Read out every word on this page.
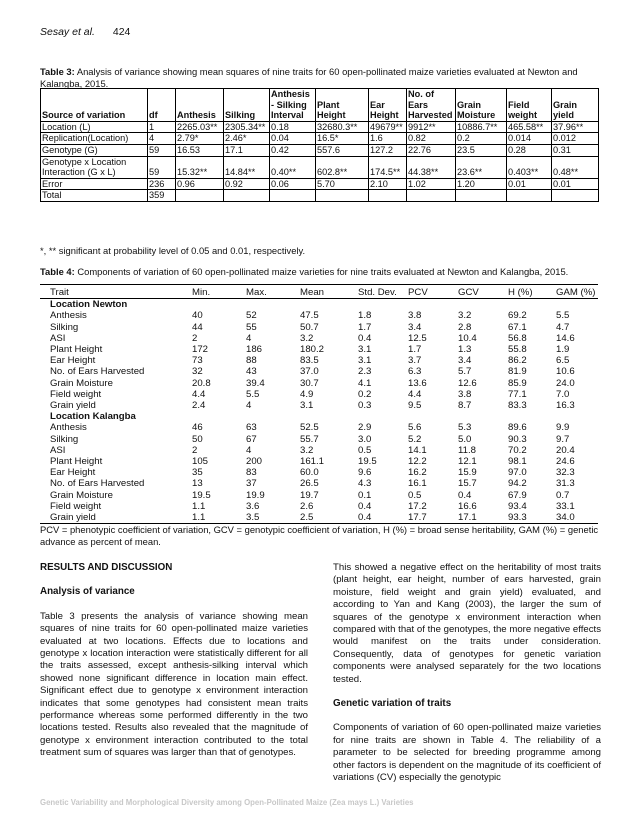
Sesay et al. 424
Table 3: Analysis of variance showing mean squares of nine traits for 60 open-pollinated maize varieties evaluated at Newton and Kalangba, 2015.
Source of variation	df	Anthesis	Silking	Anthesis - Silking Interval	Plant Height	Ear Height	No. of Ears Harvested	Grain Moisture	Field weight	Grain yield
Location (L)	1	2265.03**	2305.34**	0.18	32680.3**	49679**	9912**	10886.7**	465.58**	37.96**
Replication(Location)	4	2.79*	2.46*	0.04	16.5*	1.6	0.82	0.2	0.014	0.012
Genotype (G)	59	16.53	17.1	0.42	557.6	127.2	22.76	23.5	0.28	0.31
Genotype x Location Interaction (G x L)	59	15.32**	14.84**	0.40**	602.8**	174.5**	44.38**	23.6**	0.403**	0.48**
Error	236	0.96	0.92	0.06	5.70	2.10	1.02	1.20	0.01	0.01
Total	359									
*, ** significant at probability level of 0.05 and 0.01, respectively.
Table 4: Components of variation of 60 open-pollinated maize varieties for nine traits evaluated at Newton and Kalangba, 2015.
Trait	Min.	Max.	Mean	Std. Dev.	PCV	GCV	H (%)	GAM (%)
Location Newton								
Anthesis	40	52	47.5	1.8	3.8	3.2	69.2	5.5
Silking	44	55	50.7	1.7	3.4	2.8	67.1	4.7
ASI	2	4	3.2	0.4	12.5	10.4	56.8	14.6
Plant Height	172	186	180.2	3.1	1.7	1.3	55.8	1.9
Ear Height	73	88	83.5	3.1	3.7	3.4	86.2	6.5
No. of Ears Harvested	32	43	37.0	2.3	6.3	5.7	81.9	10.6
Grain Moisture	20.8	39.4	30.7	4.1	13.6	12.6	85.9	24.0
Field weight	4.4	5.5	4.9	0.2	4.4	3.8	77.1	7.0
Grain yield	2.4	4	3.1	0.3	9.5	8.7	83.3	16.3
Location Kalangba								
Anthesis	46	63	52.5	2.9	5.6	5.3	89.6	9.9
Silking	50	67	55.7	3.0	5.2	5.0	90.3	9.7
ASI	2	4	3.2	0.5	14.1	11.8	70.2	20.4
Plant Height	105	200	161.1	19.5	12.2	12.1	98.1	24.6
Ear Height	35	83	60.0	9.6	16.2	15.9	97.0	32.3
No. of Ears Harvested	13	37	26.5	4.3	16.1	15.7	94.2	31.3
Grain Moisture	19.5	19.9	19.7	0.1	0.5	0.4	67.9	0.7
Field weight	1.1	3.6	2.6	0.4	17.2	16.6	93.4	33.1
Grain yield	1.1	3.5	2.5	0.4	17.7	17.1	93.3	34.0
PCV = phenotypic coefficient of variation, GCV = genotypic coefficient of variation, H (%) = broad sense heritability, GAM (%) = genetic advance as percent of mean.
RESULTS AND DISCUSSION
Analysis of variance

Table 3 presents the analysis of variance showing mean squares of nine traits for 60 open-pollinated maize varieties evaluated at two locations. Effects due to locations and genotype x location interaction were statistically different for all the traits assessed, except anthesis-silking interval which showed none significant difference in location main effect. Significant effect due to genotype x environment interaction indicates that some genotypes had consistent mean traits performance whereas some performed differently in the two locations tested. Results also revealed that the magnitude of genotype x environment interaction contributed to the total treatment sum of squares was larger than that of genotypes.

This showed a negative effect on the heritability of most traits (plant height, ear height, number of ears harvested, grain moisture, field weight and grain yield) evaluated, and according to Yan and Kang (2003), the larger the sum of squares of the genotype x environment interaction when compared with that of the genotypes, the more negative effects would manifest on the traits under consideration. Consequently, data of genotypes for genetic variation components were analysed separately for the two locations tested.

Genetic variation of traits

Components of variation of 60 open-pollinated maize varieties for nine traits are shown in Table 4. The reliability of a parameter to be selected for breeding programme among other factors is dependent on the magnitude of its coefficient of variations (CV) especially the genotypic

Genetic Variability and Morphological Diversity among Open-Pollinated Maize (Zea mays L.) Varieties
